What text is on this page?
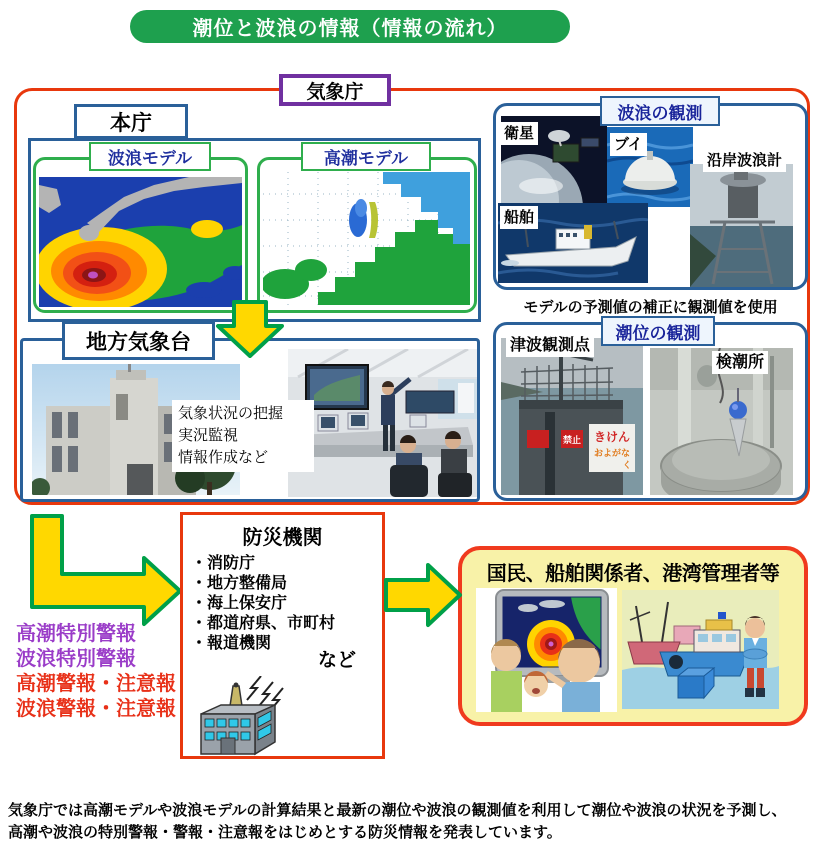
潮位と波浪の情報（情報の流れ）
気象庁
本庁
波浪モデル	高潮モデル
地方気象台
気象状況の把握
実況監視
情報作成など
波浪の観測
衛星
ブイ
沿岸波浪計
船舶
モデルの予測値の補正に観測値を使用
潮位の観測
禁止 きけん
およがな
く
津波観測点
検潮所
高潮特別警報
波浪特別警報
高潮警報・注意報
波浪警報・注意報
防災機関
・消防庁
・地方整備局
・海上保安庁
・都道府県、市町村
・報道機関
など
国民、船舶関係者、港湾管理者等
気象庁では高潮モデルや波浪モデルの計算結果と最新の潮位や波浪の観測値を利用して潮位や波浪の状況を予測し、
高潮や波浪の特別警報・警報・注意報をはじめとする防災情報を発表しています。
